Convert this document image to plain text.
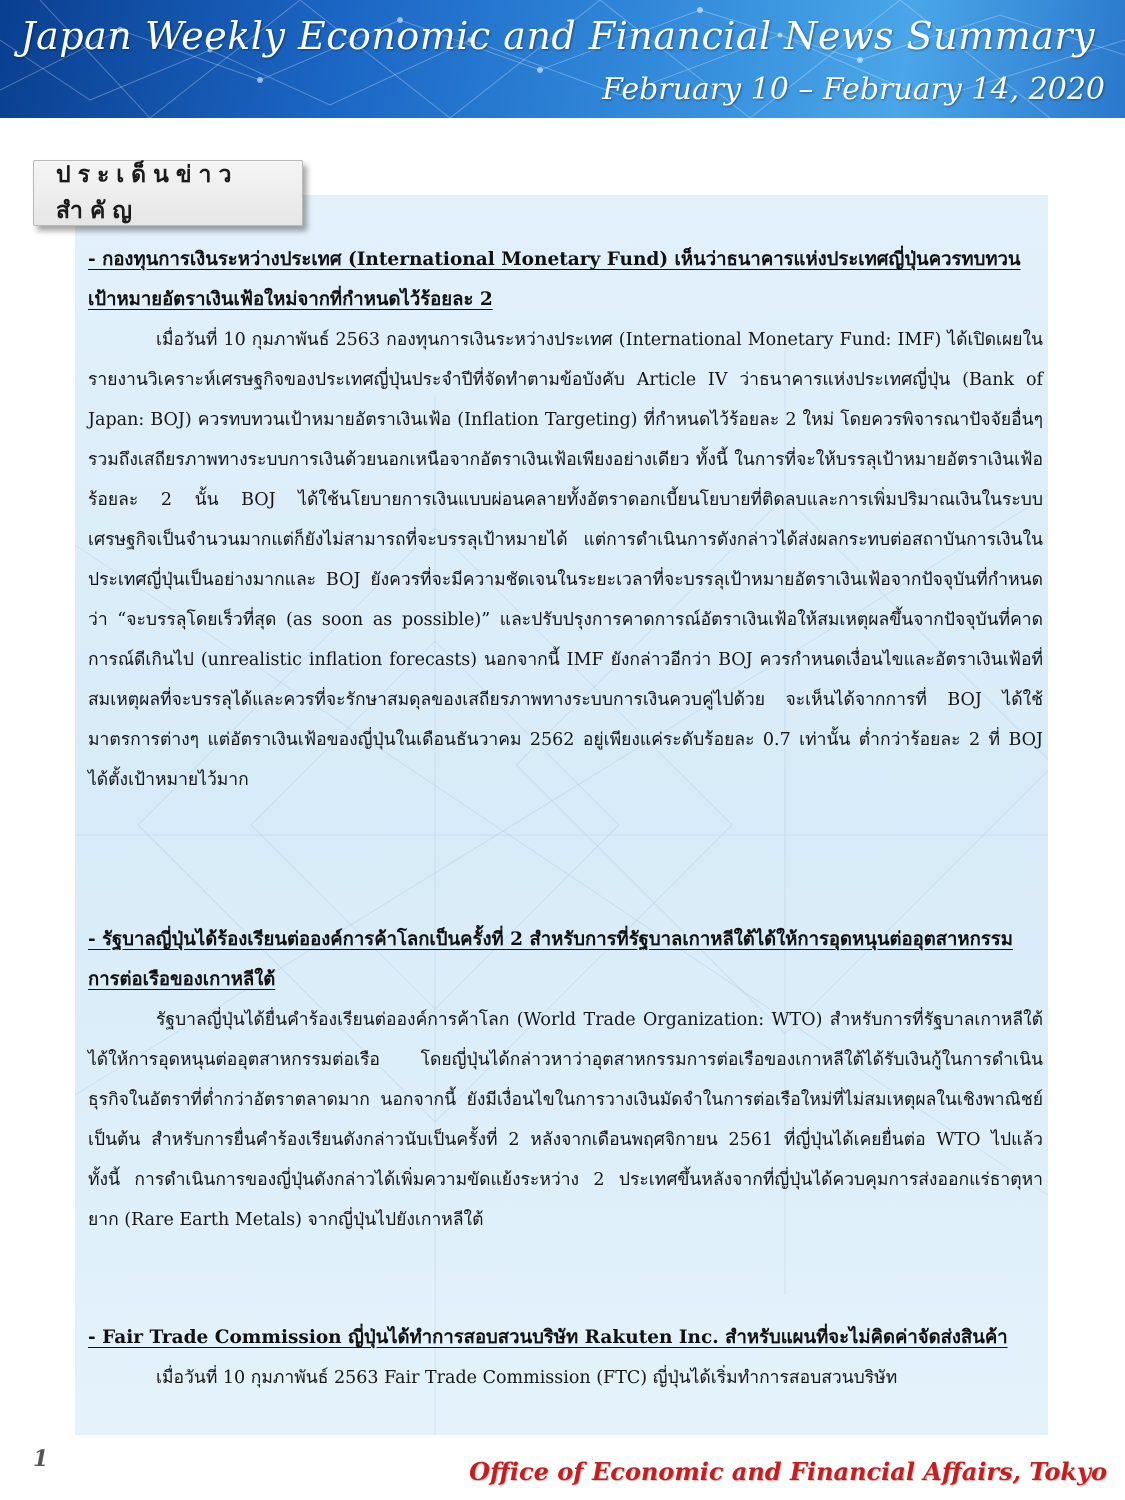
Japan Weekly Economic and Financial News Summary

February 10 – February 14, 2020

ประเด็นข่าวสำคัญ

- กองทุนการเงินระหว่างประเทศ (International Monetary Fund) เห็นว่าธนาคารแห่งประเทศญี่ปุ่นควรทบทวนเป้าหมายอัตราเงินเฟ้อใหม่จากที่กำหนดไว้ร้อยละ 2

เมื่อวันที่ 10 กุมภาพันธ์ 2563 กองทุนการเงินระหว่างประเทศ (International Monetary Fund: IMF) ได้เปิดเผยในรายงานวิเคราะห์เศรษฐกิจของประเทศญี่ปุ่นประจำปีที่จัดทำตามข้อบังคับ Article IV ว่าธนาคารแห่งประเทศญี่ปุ่น (Bank of Japan: BOJ) ควรทบทวนเป้าหมายอัตราเงินเฟ้อ (Inflation Targeting) ที่กำหนดไว้ร้อยละ 2 ใหม่ โดยควรพิจารณาปัจจัยอื่นๆ รวมถึงเสถียรภาพทางระบบการเงินด้วยนอกเหนือจากอัตราเงินเฟ้อเพียงอย่างเดียว ทั้งนี้ ในการที่จะให้บรรลุเป้าหมายอัตราเงินเฟ้อร้อยละ 2 นั้น BOJ ได้ใช้นโยบายการเงินแบบผ่อนคลายทั้งอัตราดอกเบี้ยนโยบายที่ติดลบและการเพิ่มปริมาณเงินในระบบเศรษฐกิจเป็นจำนวนมากแต่ก็ยังไม่สามารถที่จะบรรลุเป้าหมายได้ แต่การดำเนินการดังกล่าวได้ส่งผลกระทบต่อสถาบันการเงินในประเทศญี่ปุ่นเป็นอย่างมากและ BOJ ยังควรที่จะมีความชัดเจนในระยะเวลาที่จะบรรลุเป้าหมายอัตราเงินเฟ้อจากปัจจุบันที่กำหนดว่า “จะบรรลุโดยเร็วที่สุด (as soon as possible)” และปรับปรุงการคาดการณ์อัตราเงินเฟ้อให้สมเหตุผลขึ้นจากปัจจุบันที่คาดการณ์ดีเกินไป (unrealistic inflation forecasts) นอกจากนี้ IMF ยังกล่าวอีกว่า BOJ ควรกำหนดเงื่อนไขและอัตราเงินเฟ้อที่สมเหตุผลที่จะบรรลุได้และควรที่จะรักษาสมดุลของเสถียรภาพทางระบบการเงินควบคู่ไปด้วย จะเห็นได้จากการที่ BOJ ได้ใช้มาตรการต่างๆ แต่อัตราเงินเฟ้อของญี่ปุ่นในเดือนธันวาคม 2562 อยู่เพียงแค่ระดับร้อยละ 0.7 เท่านั้น ต่ำกว่าร้อยละ 2 ที่ BOJ ได้ตั้งเป้าหมายไว้มาก

- รัฐบาลญี่ปุ่นได้ร้องเรียนต่อองค์การค้าโลกเป็นครั้งที่ 2 สำหรับการที่รัฐบาลเกาหลีใต้ได้ให้การอุดหนุนต่ออุตสาหกรรมการต่อเรือของเกาหลีใต้

รัฐบาลญี่ปุ่นได้ยื่นคำร้องเรียนต่อองค์การค้าโลก (World Trade Organization: WTO) สำหรับการที่รัฐบาลเกาหลีใต้ได้ให้การอุดหนุนต่ออุตสาหกรรมต่อเรือ โดยญี่ปุ่นได้กล่าวหาว่าอุตสาหกรรมการต่อเรือของเกาหลีใต้ได้รับเงินกู้ในการดำเนินธุรกิจในอัตราที่ต่ำกว่าอัตราตลาดมาก นอกจากนี้ ยังมีเงื่อนไขในการวางเงินมัดจำในการต่อเรือใหม่ที่ไม่สมเหตุผลในเชิงพาณิชย์ เป็นต้น สำหรับการยื่นคำร้องเรียนดังกล่าวนับเป็นครั้งที่ 2 หลังจากเดือนพฤศจิกายน 2561 ที่ญี่ปุ่นได้เคยยื่นต่อ WTO ไปแล้ว ทั้งนี้ การดำเนินการของญี่ปุ่นดังกล่าวได้เพิ่มความขัดแย้งระหว่าง 2 ประเทศขึ้นหลังจากที่ญี่ปุ่นได้ควบคุมการส่งออกแร่ธาตุหายาก (Rare Earth Metals) จากญี่ปุ่นไปยังเกาหลีใต้

- Fair Trade Commission ญี่ปุ่นได้ทำการสอบสวนบริษัท Rakuten Inc. สำหรับแผนที่จะไม่คิดค่าจัดส่งสินค้า

เมื่อวันที่ 10 กุมภาพันธ์ 2563 Fair Trade Commission (FTC) ญี่ปุ่นได้เริ่มทำการสอบสวนบริษัท

1	Office of Economic and Financial Affairs, Tokyo
